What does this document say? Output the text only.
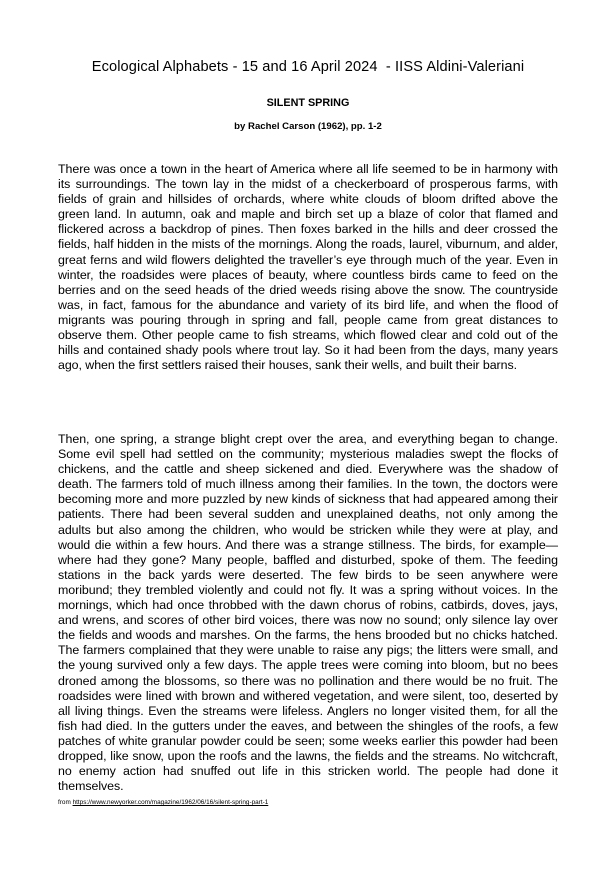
Ecological Alphabets - 15 and 16 April 2024  - IISS Aldini-Valeriani
SILENT SPRING
by Rachel Carson (1962), pp. 1-2

There was once a town in the heart of America where all life seemed to be in harmony with its surroundings. The town lay in the midst of a checkerboard of prosperous farms, with fields of grain and hillsides of orchards, where white clouds of bloom drifted above the green land. In autumn, oak and maple and birch set up a blaze of color that flamed and flickered across a backdrop of pines. Then foxes barked in the hills and deer crossed the fields, half hidden in the mists of the mornings. Along the roads, laurel, viburnum, and alder, great ferns and wild flowers delighted the traveller’s eye through much of the year. Even in winter, the roadsides were places of beauty, where countless birds came to feed on the berries and on the seed heads of the dried weeds rising above the snow. The countryside was, in fact, famous for the abundance and variety of its bird life, and when the flood of migrants was pouring through in spring and fall, people came from great distances to observe them. Other people came to fish streams, which flowed clear and cold out of the hills and contained shady pools where trout lay. So it had been from the days, many years ago, when the first settlers raised their houses, sank their wells, and built their barns.

Then, one spring, a strange blight crept over the area, and everything began to change. Some evil spell had settled on the community; mysterious maladies swept the flocks of chickens, and the cattle and sheep sickened and died. Everywhere was the shadow of death. The farmers told of much illness among their families. In the town, the doctors were becoming more and more puzzled by new kinds of sickness that had appeared among their patients. There had been several sudden and unexplained deaths, not only among the adults but also among the children, who would be stricken while they were at play, and would die within a few hours. And there was a strange stillness. The birds, for example—where had they gone? Many people, baffled and disturbed, spoke of them. The feeding stations in the back yards were deserted. The few birds to be seen anywhere were moribund; they trembled violently and could not fly. It was a spring without voices. In the mornings, which had once throbbed with the dawn chorus of robins, catbirds, doves, jays, and wrens, and scores of other bird voices, there was now no sound; only silence lay over the fields and woods and marshes. On the farms, the hens brooded but no chicks hatched. The farmers complained that they were unable to raise any pigs; the litters were small, and the young survived only a few days. The apple trees were coming into bloom, but no bees droned among the blossoms, so there was no pollination and there would be no fruit. The roadsides were lined with brown and withered vegetation, and were silent, too, deserted by all living things. Even the streams were lifeless. Anglers no longer visited them, for all the fish had died. In the gutters under the eaves, and between the shingles of the roofs, a few patches of white granular powder could be seen; some weeks earlier this powder had been dropped, like snow, upon the roofs and the lawns, the fields and the streams. No witchcraft, no enemy action had snuffed out life in this stricken world. The people had done it themselves.

from https://www.newyorker.com/magazine/1962/06/16/silent-spring-part-1
